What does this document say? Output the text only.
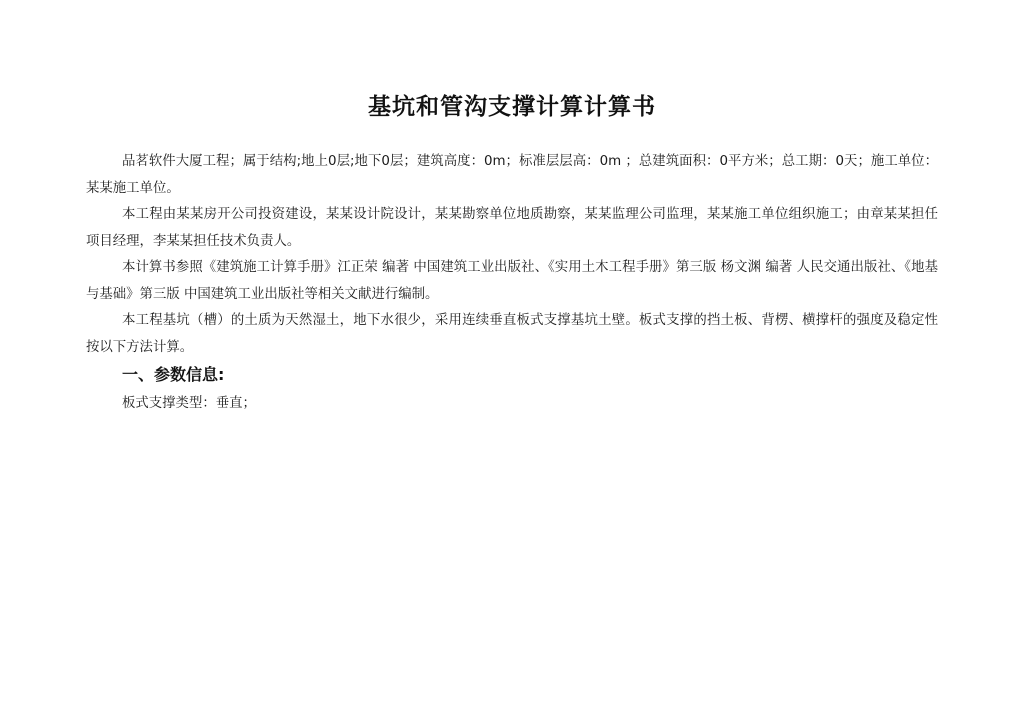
基坑和管沟支撑计算计算书

品茗软件大厦工程；属于结构;地上0层;地下0层；建筑高度：0m；标准层层高：0m ；总建筑面积：0平方米；总工期：0天；施工单位：某某施工单位。

本工程由某某房开公司投资建设，某某设计院设计，某某勘察单位地质勘察，某某监理公司监理，某某施工单位组织施工；由章某某担任项目经理，李某某担任技术负责人。

本计算书参照《建筑施工计算手册》江正荣 编著 中国建筑工业出版社、《实用土木工程手册》第三版 杨文渊 编著 人民交通出版社、《地基与基础》第三版 中国建筑工业出版社等相关文献进行编制。

本工程基坑（槽）的土质为天然湿土，地下水很少，采用连续垂直板式支撑基坑土壁。板式支撑的挡土板、背楞、横撑杆的强度及稳定性按以下方法计算。

一、参数信息:

板式支撑类型：垂直；
